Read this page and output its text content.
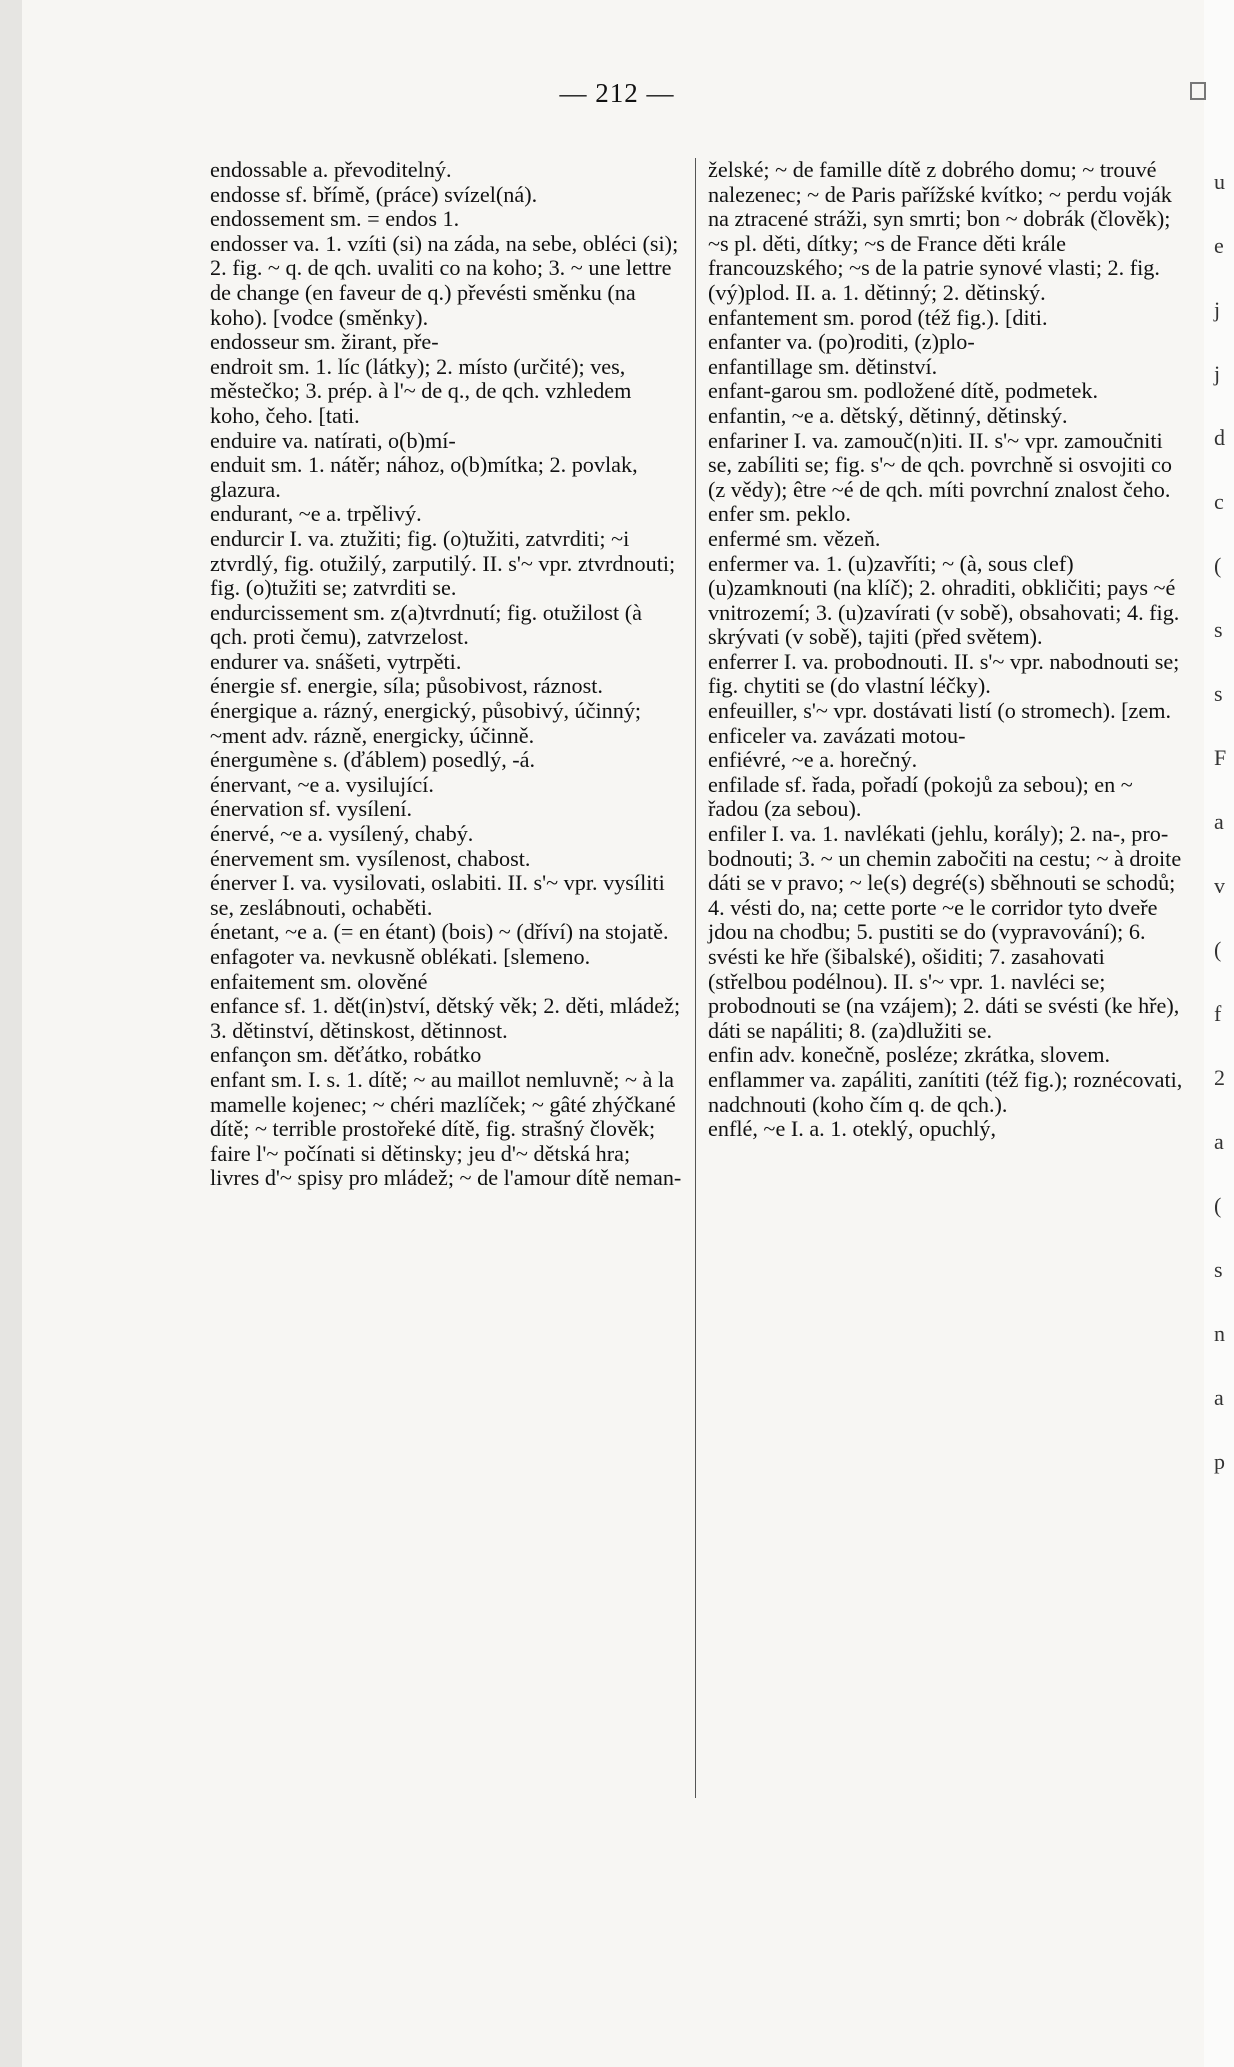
— 212 —

endossable a. převoditelný.

endosse sf. břímě, (práce) svízel(ná).

endossement sm. = endos 1.

endosser va. 1. vzíti (si) na záda, na sebe, obléci (si); 2. fig. ~ q. de qch. uvaliti co na koho; 3. ~ une lettre de change (en faveur de q.) převésti směnku (na koho). [vodce (směnky).

endosseur sm. žirant, pře-

endroit sm. 1. líc (látky); 2. místo (určité); ves, městečko; 3. prép. à l'~ de q., de qch. vzhledem koho, čeho. [tati.

enduire va. natírati, o(b)mí-

enduit sm. 1. nátěr; nához, o(b)mítka; 2. povlak, glazura.

endurant, ~e a. trpělivý.

endurcir I. va. ztužiti; fig. (o)tužiti, zatvrditi; ~i ztvrdlý, fig. otužilý, zarputilý. II. s'~ vpr. ztvrdnouti; fig. (o)tužiti se; zatvrditi se.

endurcissement sm. z(a)tvrdnutí; fig. otužilost (à qch. proti čemu), zatvrzelost.

endurer va. snášeti, vytrpěti.

énergie sf. energie, síla; působivost, ráznost.

énergique a. rázný, energický, působivý, účinný; ~ment adv. rázně, energicky, účinně.

énergumène s. (ďáblem) posedlý, -á.

énervant, ~e a. vysilující.

énervation sf. vysílení.

énervé, ~e a. vysílený, chabý.

énervement sm. vysílenost, chabost.

énerver I. va. vysilovati, oslabiti. II. s'~ vpr. vysíliti se, zeslábnouti, ochaběti.

énetant, ~e a. (= en étant) (bois) ~ (dříví) na stojatě.

enfagoter va. nevkusně oblékati. [slemeno.

enfaitement sm. olověné

enfance sf. 1. dět(in)ství, dětský věk; 2. děti, mládež; 3. dětinství, dětinskost, dětinnost.

enfançon sm. děťátko, robátko

enfant sm. I. s. 1. dítě; ~ au maillot nemluvně; ~ à la mamelle kojenec; ~ chéri mazlíček; ~ gâté zhýčkané dítě; ~ terrible prostořeké dítě, fig. strašný člověk; faire l'~ počínati si dětinsky; jeu d'~ dětská hra; livres d'~ spisy pro mládež; ~ de l'amour dítě neman-

želské; ~ de famille dítě z dobrého domu; ~ trouvé nalezenec; ~ de Paris pařížské kvítko; ~ perdu voják na ztracené stráži, syn smrti; bon ~ dobrák (člověk); ~s pl. děti, dítky; ~s de France děti krále francouzského; ~s de la patrie synové vlasti; 2. fig. (vý)plod. II. a. 1. dětinný; 2. dětinský.

enfantement sm. porod (též fig.). [diti.

enfanter va. (po)roditi, (z)plo-

enfantillage sm. dětinství.

enfant-garou sm. podložené dítě, podmetek.

enfantin, ~e a. dětský, dětinný, dětinský.

enfariner I. va. zamouč(n)iti. II. s'~ vpr. zamoučniti se, zabíliti se; fig. s'~ de qch. povrchně si osvojiti co (z vědy); être ~é de qch. míti povrchní znalost čeho.

enfer sm. peklo.

enfermé sm. vězeň.

enfermer va. 1. (u)zavříti; ~ (à, sous clef) (u)zamknouti (na klíč); 2. ohraditi, obkličiti; pays ~é vnitrozemí; 3. (u)zavírati (v sobě), obsahovati; 4. fig. skrývati (v sobě), tajiti (před světem).

enferrer I. va. probodnouti. II. s'~ vpr. nabodnouti se; fig. chytiti se (do vlastní léčky).

enfeuiller, s'~ vpr. dostávati listí (o stromech). [zem.

enficeler va. zavázati motou-

enfiévré, ~e a. horečný.

enfilade sf. řada, pořadí (pokojů za sebou); en ~ řadou (za sebou).

enfiler I. va. 1. navlékati (jehlu, korály); 2. na-, pro-bodnouti; 3. ~ un chemin zabočiti na cestu; ~ à droite dáti se v pravo; ~ le(s) degré(s) sběhnouti se schodů; 4. vésti do, na; cette porte ~e le corridor tyto dveře jdou na chodbu; 5. pustiti se do (vypravování); 6. svésti ke hře (šibalské), ošiditi; 7. zasahovati (střelbou podélnou). II. s'~ vpr. 1. navléci se; probodnouti se (na vzájem); 2. dáti se svésti (ke hře), dáti se napáliti; 8. (za)dlužiti se.

enfin adv. konečně, posléze; zkrátka, slovem.

enflammer va. zapáliti, zanítiti (též fig.); roznécovati, nadchnouti (koho čím q. de qch.).

enflé, ~e I. a. 1. oteklý, opuchlý,

u
e
j
j
d
c
(
s
s
F
a
v
(
f
2
a
(
s
n
a
p
